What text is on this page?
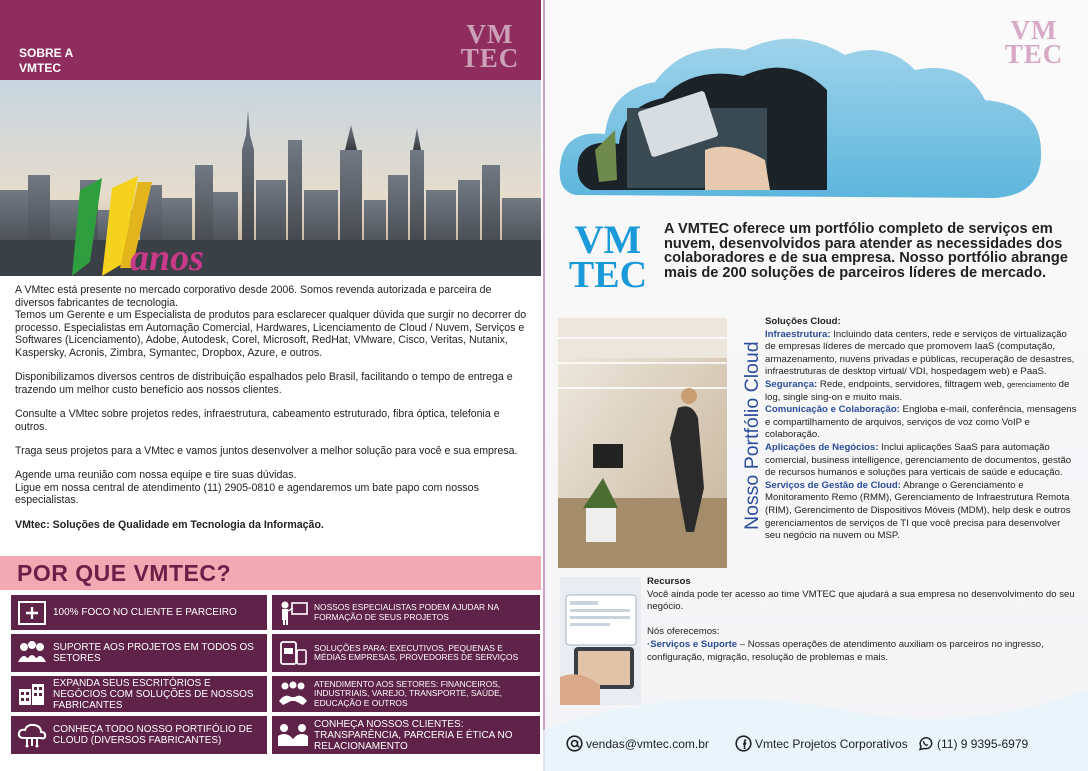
SOBRE A
VMTEC
VM
TEC
anos

A VMtec está presente no mercado corporativo desde 2006. Somos revenda autorizada e parceira de diversos fabricantes de tecnologia.
Temos um Gerente e um Especialista de produtos para esclarecer qualquer dúvida que surgir no decorrer do processo. Especialistas em Automação Comercial, Hardwares, Licenciamento de Cloud / Nuvem, Serviços e Softwares (Licenciamento), Adobe, Autodesk, Corel, Microsoft, RedHat, VMware, Cisco, Veritas, Nutanix, Kaspersky, Acronis, Zimbra, Symantec, Dropbox, Azure, e outros.

Disponibilizamos diversos centros de distribuição espalhados pelo Brasil, facilitando o tempo de entrega e trazendo um melhor custo benefício aos nossos clientes.

Consulte a VMtec sobre projetos redes, infraestrutura, cabeamento estruturado, fibra óptica, telefonia e outros.

Traga seus projetos para a VMtec e vamos juntos desenvolver a melhor solução para você e sua empresa.

Agende uma reunião com nossa equipe e tire suas dúvidas.
Ligue em nossa central de atendimento (11) 2905-0810 e agendaremos um bate papo com nossos especialistas.

VMtec: Soluções de Qualidade em Tecnologia da Informação.

POR QUE VMTEC?
100% FOCO NO CLIENTE E PARCEIRO
SUPORTE AOS PROJETOS EM TODOS OS SETORES
EXPANDA SEUS ESCRITÓRIOS E NEGÓCIOS COM SOLUÇÕES DE NOSSOS FABRICANTES
CONHEÇA TODO NOSSO PORTIFÓLIO DE CLOUD (DIVERSOS FABRICANTES)
NOSSOS ESPECIALISTAS PODEM AJUDAR NA FORMAÇÃO DE SEUS PROJETOS
SOLUÇÕES PARA: EXECUTIVOS, PEQUENAS E MÉDIAS EMPRESAS, PROVEDORES DE SERVIÇOS
ATENDIMENTO AOS SETORES: FINANCEIROS, INDUSTRIAIS, VAREJO, TRANSPORTE, SAÚDE, EDUCAÇÃO E OUTROS
CONHEÇA NOSSOS CLIENTES: TRANSPARÊNCIA, PARCERIA E ÉTICA NO RELACIONAMENTO
VM
TEC
VM
TEC
A VMTEC oferece um portfólio completo de serviços em nuvem, desenvolvidos para atender as necessidades dos colaboradores e de sua empresa. Nosso portfólio abrange mais de 200 soluções de parceiros líderes de mercado.
Nosso Portfólio Cloud
Soluções Cloud:
Infraestrutura: Incluindo data centers, rede e serviços de virtualização de empresas líderes de mercado que promovem IaaS (computação, armazenamento, nuvens privadas e públicas, recuperação de desastres, infraestruturas de desktop virtual/ VDI, hospedagem web) e PaaS.
Segurança: Rede, endpoints, servidores, filtragem web, gerenciamento de log, single sing-on e muito mais.
Comunicação e Colaboração: Engloba e-mail, conferência, mensagens e compartilhamento de arquivos, serviços de voz como VoIP e colaboração.
Aplicações de Negócios: Inclui aplicações SaaS para automação comercial, business intelligence, gerenciamento de documentos, gestão de recursos humanos e soluções para verticais de saúde e educação.
Serviços de Gestão de Cloud: Abrange o Gerenciamento e Monitoramento Remo (RMM), Gerenciamento de Infraestrutura Remota (RIM), Gerencimento de Dispositivos Móveis (MDM), help desk e outros gerenciamentos de serviços de TI que você precisa para desenvolver seu negócio na nuvem ou MSP.
Recursos
Você ainda pode ter acesso ao time VMTEC que ajudará a sua empresa no desenvolvimento do seu negócio.
Nós oferecemos:
·Serviços e Suporte – Nossas operações de atendimento auxiliam os parceiros no ingresso, configuração, migração, resolução de problemas e mais.
vendas@vmtec.com.br	Vmtec Projetos Corporativos (11) 9 9395-6979
